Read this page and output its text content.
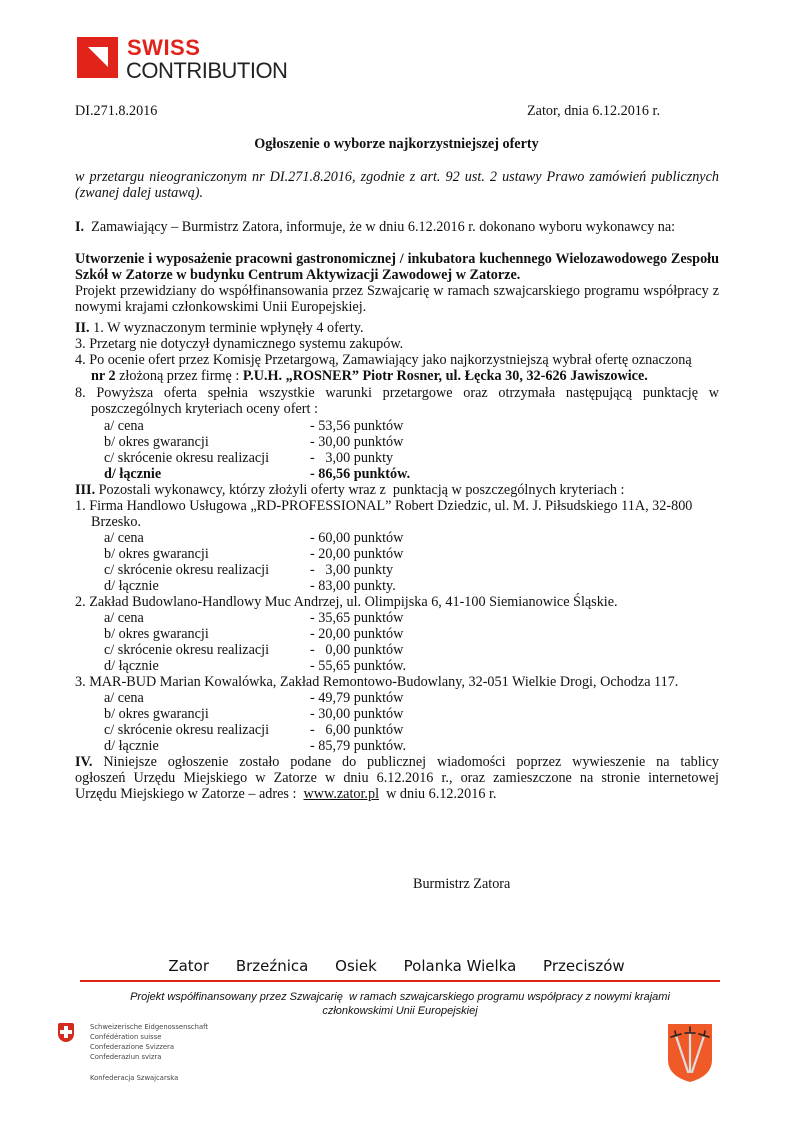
SWISS
CONTRIBUTION
DI.271.8.2016	Zator, dnia 6.12.2016 r.
Ogłoszenie o wyborze najkorzystniejszej oferty
w przetargu nieograniczonym nr DI.271.8.2016, zgodnie z art. 92 ust. 2 ustawy Prawo zamówień publicznych (zwanej dalej ustawą).
I. Zamawiający – Burmistrz Zatora, informuje, że w dniu 6.12.2016 r. dokonano wyboru wykonawcy na:
Utworzenie i wyposażenie pracowni gastronomicznej / inkubatora kuchennego Wielozawodowego Zespołu Szkół w Zatorze w budynku Centrum Aktywizacji Zawodowej w Zatorze.
Projekt przewidziany do współfinansowania przez Szwajcarię w ramach szwajcarskiego programu współpracy z nowymi krajami członkowskimi Unii Europejskiej.
II. 1. W wyznaczonym terminie wpłynęły 4 oferty.
3. Przetarg nie dotyczył dynamicznego systemu zakupów.
4. Po ocenie ofert przez Komisję Przetargową, Zamawiający jako najkorzystniejszą wybrał ofertę oznaczoną
nr 2 złożoną przez firmę : P.U.H. „ROSNER” Piotr Rosner, ul. Łęcka 30, 32-626 Jawiszowice.
8. Powyższa oferta spełnia wszystkie warunki przetargowe oraz otrzymała następującą punktację w
poszczególnych kryteriach oceny ofert :
a/ cena	- 53,56 punktów
b/ okres gwarancji	- 30,00 punktów
c/ skrócenie okresu realizacji	-   3,00 punkty
d/ łącznie	- 86,56 punktów.
III. Pozostali wykonawcy, którzy złożyli oferty wraz z  punktacją w poszczególnych kryteriach :
1. Firma Handlowo Usługowa „RD-PROFESSIONAL” Robert Dziedzic, ul. M. J. Piłsudskiego 11A, 32-800
Brzesko.
a/ cena	- 60,00 punktów
b/ okres gwarancji	- 20,00 punktów
c/ skrócenie okresu realizacji	-   3,00 punkty
d/ łącznie	- 83,00 punkty.
2. Zakład Budowlano-Handlowy Muc Andrzej, ul. Olimpijska 6, 41-100 Siemianowice Śląskie.
a/ cena	- 35,65 punktów
b/ okres gwarancji	- 20,00 punktów
c/ skrócenie okresu realizacji	-   0,00 punktów
d/ łącznie	- 55,65 punktów.
3. MAR-BUD Marian Kowalówka, Zakład Remontowo-Budowlany, 32-051 Wielkie Drogi, Ochodza 117.
a/ cena	- 49,79 punktów
b/ okres gwarancji	- 30,00 punktów
c/ skrócenie okresu realizacji	-   6,00 punktów
d/ łącznie	- 85,79 punktów.
IV. Niniejsze ogłoszenie zostało podane do publicznej wiadomości poprzez wywieszenie na tablicy
ogłoszeń Urzędu Miejskiego w Zatorze w dniu 6.12.2016 r., oraz zamieszczone na stronie internetowej
Urzędu Miejskiego w Zatorze – adres :  www.zator.pl  w dniu 6.12.2016 r.
Burmistrz Zatora
Zator Brzeźnica Osiek Polanka Wielka Przeciszów
Projekt współfinansowany przez Szwajcarię  w ramach szwajcarskiego programu współpracy z nowymi krajami
członkowskimi Unii Europejskiej
Schweizerische Eidgenossenschaft
Confédération suisse
Confederazione Svizzera
Confederaziun svizra
Konfederacja Szwajcarska
